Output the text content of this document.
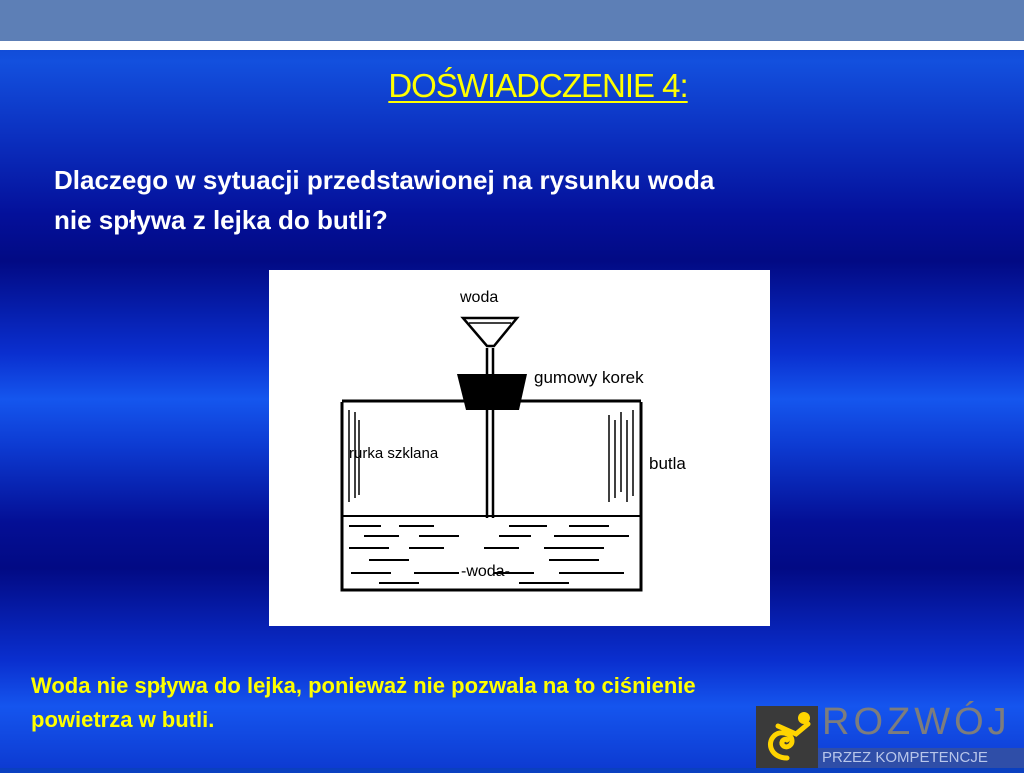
DOŚWIADCZENIE 4:
Dlaczego w sytuacji przedstawionej na rysunku woda
nie spływa z lejka do butli?
woda
gumowy korek
rurka szklana
butla
-woda-
Woda nie spływa do lejka, ponieważ nie pozwala na to ciśnienie
powietrza w butli.	ROZWÓJ
PRZEZ KOMPETENCJE
